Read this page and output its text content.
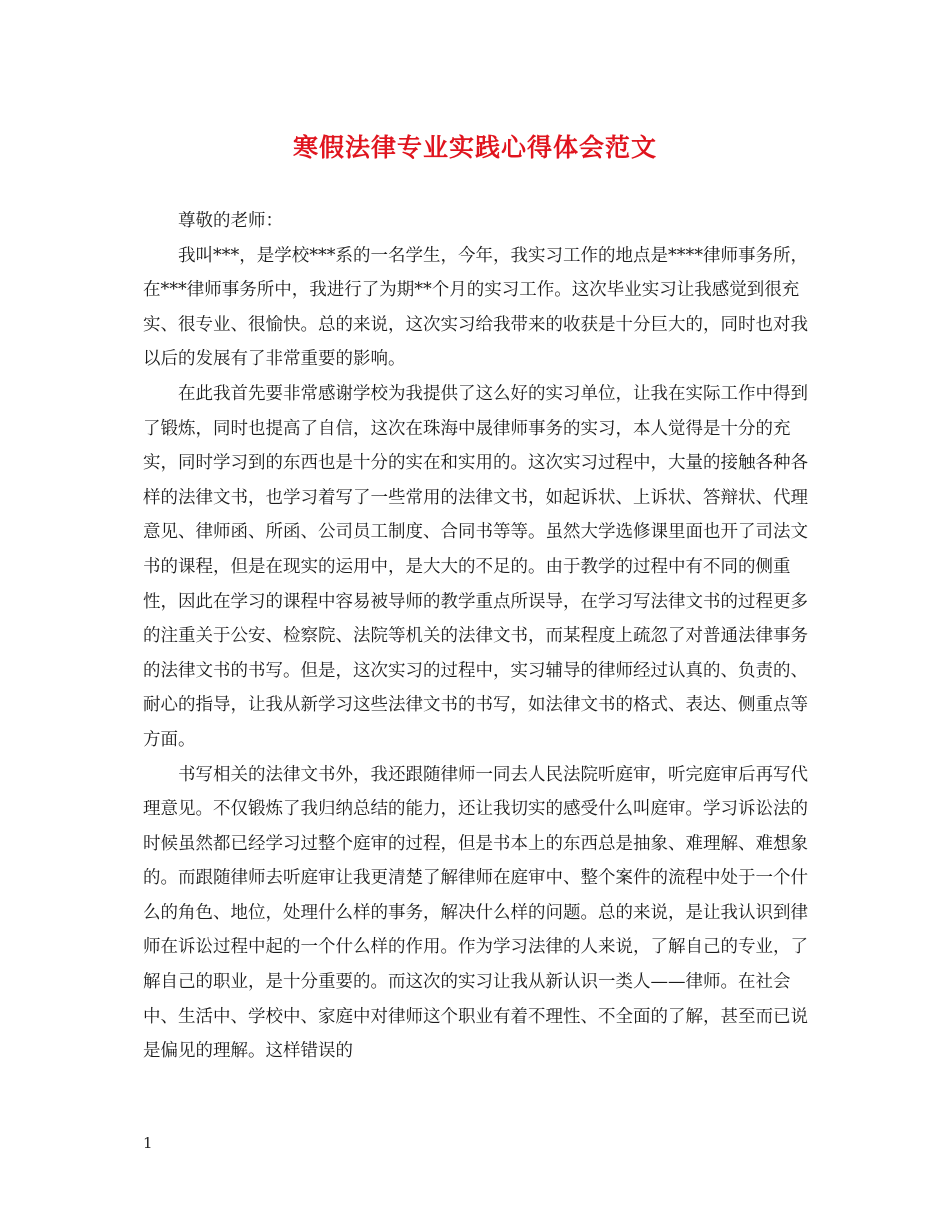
寒假法律专业实践心得体会范文

尊敬的老师：

我叫***，是学校***系的一名学生，今年，我实习工作的地点是****律师事务所，在***律师事务所中，我进行了为期**个月的实习工作。这次毕业实习让我感觉到很充实、很专业、很愉快。总的来说，这次实习给我带来的收获是十分巨大的，同时也对我以后的发展有了非常重要的影响。

在此我首先要非常感谢学校为我提供了这么好的实习单位，让我在实际工作中得到了锻炼，同时也提高了自信，这次在珠海中晟律师事务的实习，本人觉得是十分的充实，同时学习到的东西也是十分的实在和实用的。这次实习过程中，大量的接触各种各样的法律文书，也学习着写了一些常用的法律文书，如起诉状、上诉状、答辩状、代理意见、律师函、所函、公司员工制度、合同书等等。虽然大学选修课里面也开了司法文书的课程，但是在现实的运用中，是大大的不足的。由于教学的过程中有不同的侧重性，因此在学习的课程中容易被导师的教学重点所误导，在学习写法律文书的过程更多的注重关于公安、检察院、法院等机关的法律文书，而某程度上疏忽了对普通法律事务的法律文书的书写。但是，这次实习的过程中，实习辅导的律师经过认真的、负责的、耐心的指导，让我从新学习这些法律文书的书写，如法律文书的格式、表达、侧重点等方面。

书写相关的法律文书外，我还跟随律师一同去人民法院听庭审，听完庭审后再写代理意见。不仅锻炼了我归纳总结的能力，还让我切实的感受什么叫庭审。学习诉讼法的时候虽然都已经学习过整个庭审的过程，但是书本上的东西总是抽象、难理解、难想象的。而跟随律师去听庭审让我更清楚了解律师在庭审中、整个案件的流程中处于一个什么的角色、地位，处理什么样的事务，解决什么样的问题。总的来说，是让我认识到律师在诉讼过程中起的一个什么样的作用。作为学习法律的人来说，了解自己的专业，了解自己的职业，是十分重要的。而这次的实习让我从新认识一类人——律师。在社会中、生活中、学校中、家庭中对律师这个职业有着不理性、不全面的了解，甚至而已说是偏见的理解。这样错误的

1
